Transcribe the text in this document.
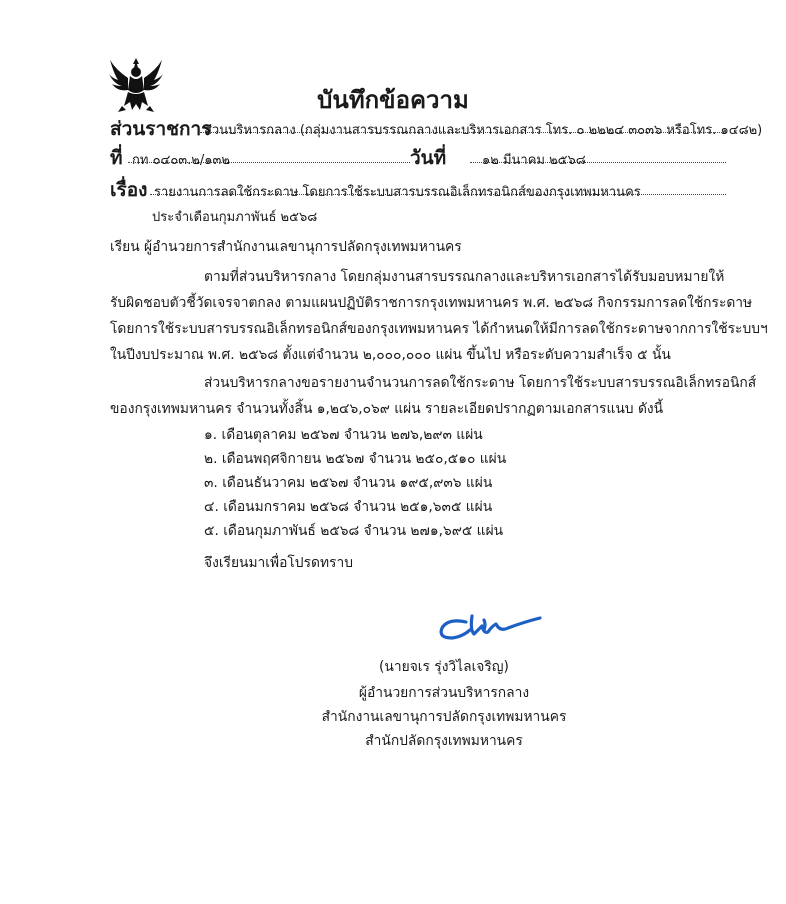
บันทึกข้อความ
ส่วนราชการ
ส่วนบริหารกลาง (กลุ่มงานสารบรรณกลางและบริหารเอกสาร โทร. ๐ ๒๒๒๔ ๓๐๓๖ หรือโทร. ๑๔๘๒)
ที่ กท ๐๔๐๓.๒/๑๓๒	วันที่	๑๒ มีนาคม ๒๕๖๘
เรื่อง รายงานการลดใช้กระดาษ โดยการใช้ระบบสารบรรณอิเล็กทรอนิกส์ของกรุงเทพมหานคร
ประจำเดือนกุมภาพันธ์ ๒๕๖๘
เรียน ผู้อำนวยการสำนักงานเลขานุการปลัดกรุงเทพมหานคร
ตามที่ส่วนบริหารกลาง โดยกลุ่มงานสารบรรณกลางและบริหารเอกสารได้รับมอบหมายให้
รับผิดชอบตัวชี้วัดเจรจาตกลง ตามแผนปฏิบัติราชการกรุงเทพมหานคร พ.ศ. ๒๕๖๘ กิจกรรมการลดใช้กระดาษ
โดยการใช้ระบบสารบรรณอิเล็กทรอนิกส์ของกรุงเทพมหานคร ได้กำหนดให้มีการลดใช้กระดาษจากการใช้ระบบฯ
ในปีงบประมาณ พ.ศ. ๒๕๖๘ ตั้งแต่จำนวน ๒,๐๐๐,๐๐๐ แผ่น ขึ้นไป หรือระดับความสำเร็จ ๕ นั้น
ส่วนบริหารกลางขอรายงานจำนวนการลดใช้กระดาษ โดยการใช้ระบบสารบรรณอิเล็กทรอนิกส์
ของกรุงเทพมหานคร จำนวนทั้งสิ้น ๑,๒๔๖,๐๖๙ แผ่น รายละเอียดปรากฏตามเอกสารแนบ ดังนี้
๑. เดือนตุลาคม ๒๕๖๗ จำนวน ๒๗๖,๒๙๓ แผ่น
๒. เดือนพฤศจิกายน ๒๕๖๗ จำนวน ๒๕๐,๕๑๐ แผ่น
๓. เดือนธันวาคม ๒๕๖๗ จำนวน ๑๙๕,๙๓๖ แผ่น
๔. เดือนมกราคม ๒๕๖๘ จำนวน ๒๕๑,๖๓๕ แผ่น
๕. เดือนกุมภาพันธ์ ๒๕๖๘ จำนวน ๒๗๑,๖๙๕ แผ่น
จึงเรียนมาเพื่อโปรดทราบ
(นายจเร รุ่งวิไลเจริญ)
ผู้อำนวยการส่วนบริหารกลาง
สำนักงานเลขานุการปลัดกรุงเทพมหานคร
สำนักปลัดกรุงเทพมหานคร
